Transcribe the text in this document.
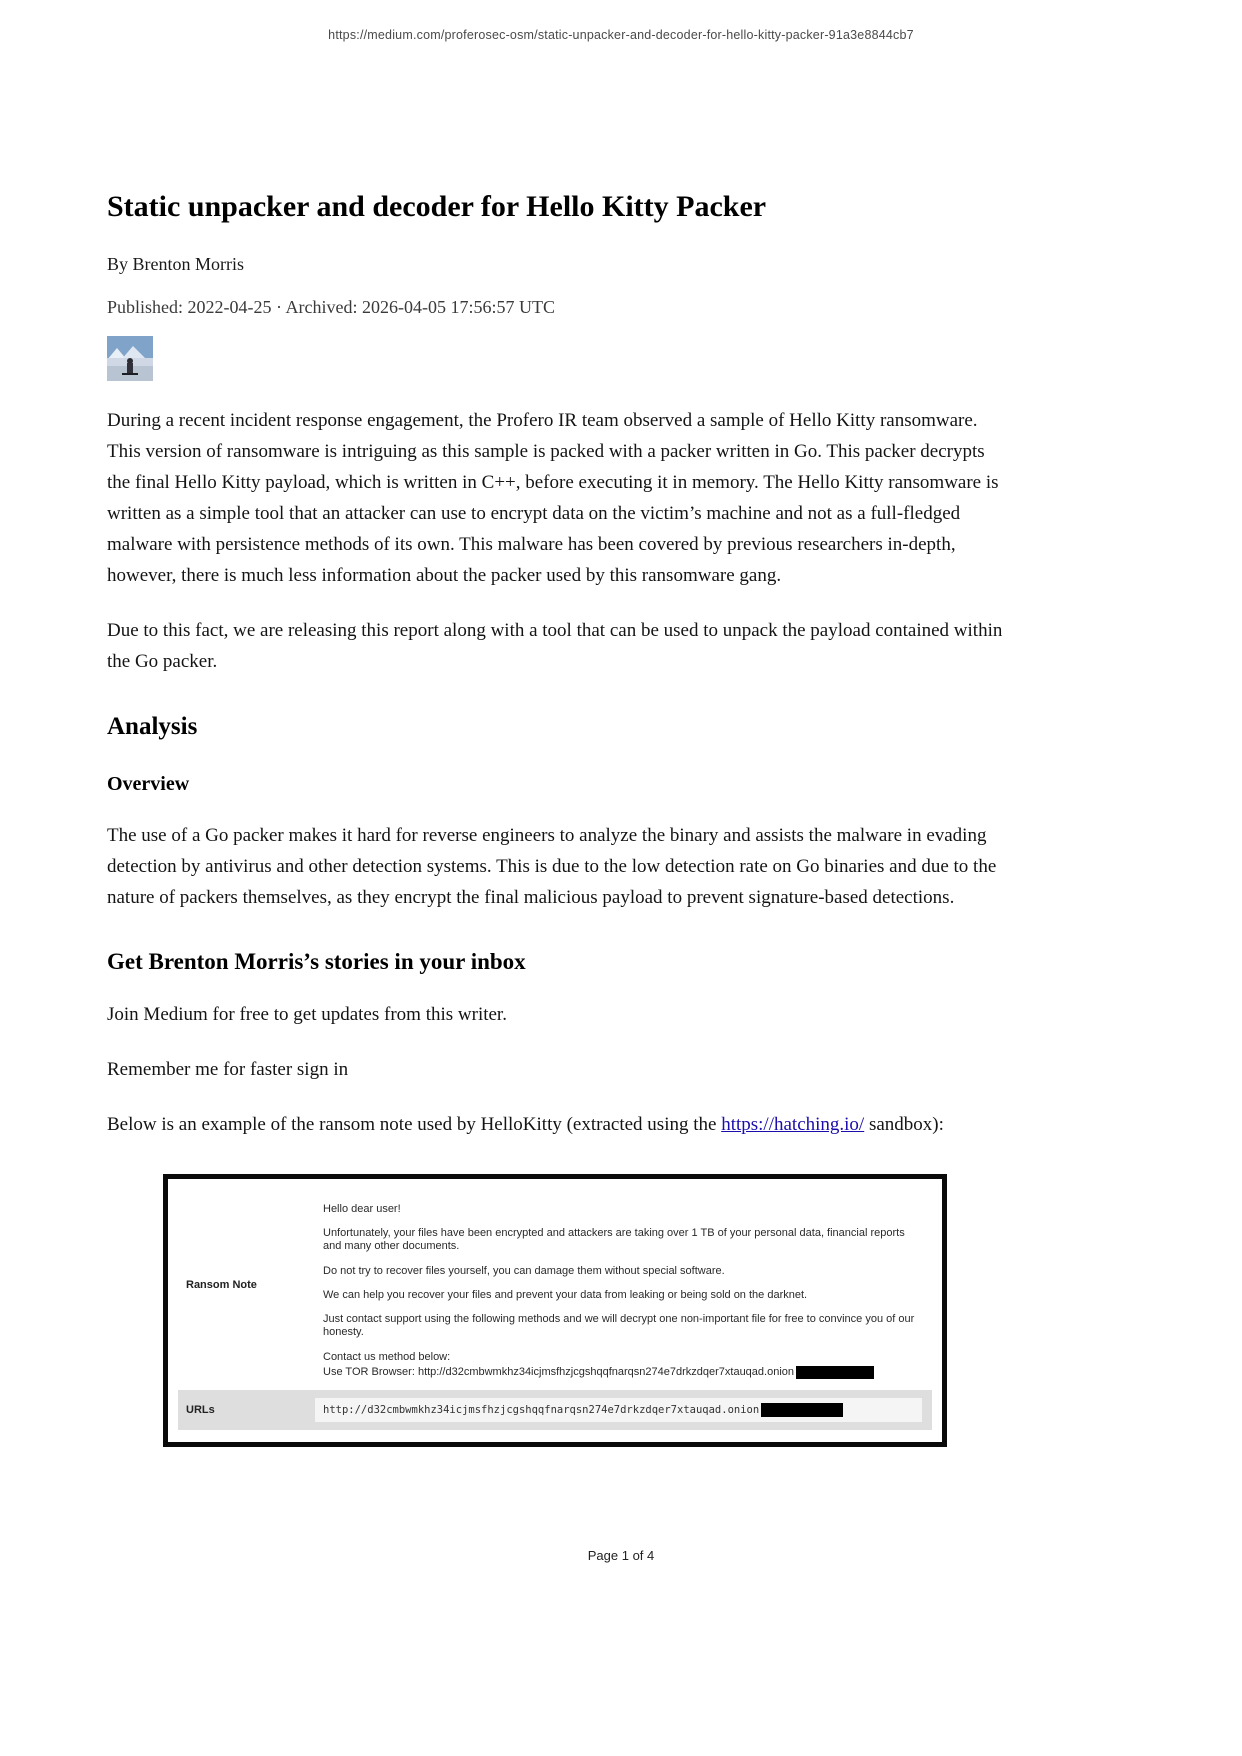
https://medium.com/proferosec-osm/static-unpacker-and-decoder-for-hello-kitty-packer-91a3e8844cb7
Static unpacker and decoder for Hello Kitty Packer
By Brenton Morris
Published: 2022-04-25 · Archived: 2026-04-05 17:56:57 UTC

During a recent incident response engagement, the Profero IR team observed a sample of Hello Kitty ransomware. This version of ransomware is intriguing as this sample is packed with a packer written in Go. This packer decrypts the final Hello Kitty payload, which is written in C++, before executing it in memory. The Hello Kitty ransomware is written as a simple tool that an attacker can use to encrypt data on the victim’s machine and not as a full-fledged malware with persistence methods of its own. This malware has been covered by previous researchers in-depth, however, there is much less information about the packer used by this ransomware gang.

Due to this fact, we are releasing this report along with a tool that can be used to unpack the payload contained within the Go packer.

Analysis
Overview

The use of a Go packer makes it hard for reverse engineers to analyze the binary and assists the malware in evading detection by antivirus and other detection systems. This is due to the low detection rate on Go binaries and due to the nature of packers themselves, as they encrypt the final malicious payload to prevent signature-based detections.

Get Brenton Morris’s stories in your inbox

Join Medium for free to get updates from this writer.

Remember me for faster sign in

Below is an example of the ransom note used by HelloKitty (extracted using the https://hatching.io/ sandbox):

Ransom Note
Hello dear user!
Unfortunately, your files have been encrypted and attackers are taking over 1 TB of your personal data, financial reports and many other documents.
Do not try to recover files yourself, you can damage them without special software.
We can help you recover your files and prevent your data from leaking or being sold on the darknet.
Just contact support using the following methods and we will decrypt one non-important file for free to convince you of our honesty.
Contact us method below:
Use TOR Browser: http://d32cmbwmkhz34icjmsfhzjcgshqqfnarqsn274e7drkzdqer7xtauqad.onion
URLs	http://d32cmbwmkhz34icjmsfhzjcgshqqfnarqsn274e7drkzdqer7xtauqad.onion
Page 1 of 4
